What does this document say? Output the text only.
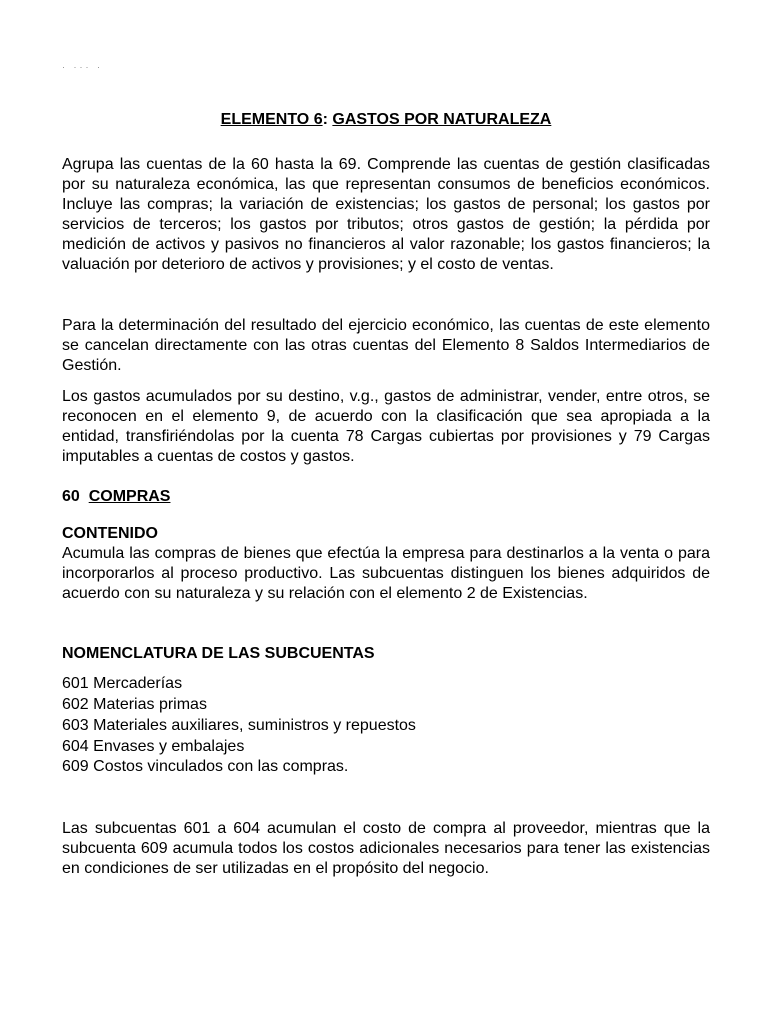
· ··· ·
ELEMENTO 6: GASTOS POR NATURALEZA

Agrupa las cuentas de la 60 hasta la 69. Comprende las cuentas de gestión clasificadas por su naturaleza económica, las que representan consumos de beneficios económicos. Incluye las compras; la variación de existencias; los gastos de personal; los gastos por servicios de terceros; los gastos por tributos; otros gastos de gestión; la pérdida por medición de activos y pasivos no financieros al valor razonable; los gastos financieros; la valuación por deterioro de activos y provisiones; y el costo de ventas.

Para la determinación del resultado del ejercicio económico, las cuentas de este elemento se cancelan directamente con las otras cuentas del Elemento 8 Saldos Intermediarios de Gestión.

Los gastos acumulados por su destino, v.g., gastos de administrar, vender, entre otros, se reconocen en el elemento 9, de acuerdo con la clasificación que sea apropiada a la entidad, transfiriéndolas por la cuenta 78 Cargas cubiertas por provisiones y 79 Cargas imputables a cuentas de costos y gastos.

60 COMPRAS
CONTENIDO

Acumula las compras de bienes que efectúa la empresa para destinarlos a la venta o para incorporarlos al proceso productivo. Las subcuentas distinguen los bienes adquiridos de acuerdo con su naturaleza y su relación con el elemento 2 de Existencias.

NOMENCLATURA DE LAS SUBCUENTAS
601 Mercaderías
602 Materias primas
603 Materiales auxiliares, suministros y repuestos
604 Envases y embalajes
609 Costos vinculados con las compras.

Las subcuentas 601 a 604 acumulan el costo de compra al proveedor, mientras que la subcuenta 609 acumula todos los costos adicionales necesarios para tener las existencias en condiciones de ser utilizadas en el propósito del negocio.
